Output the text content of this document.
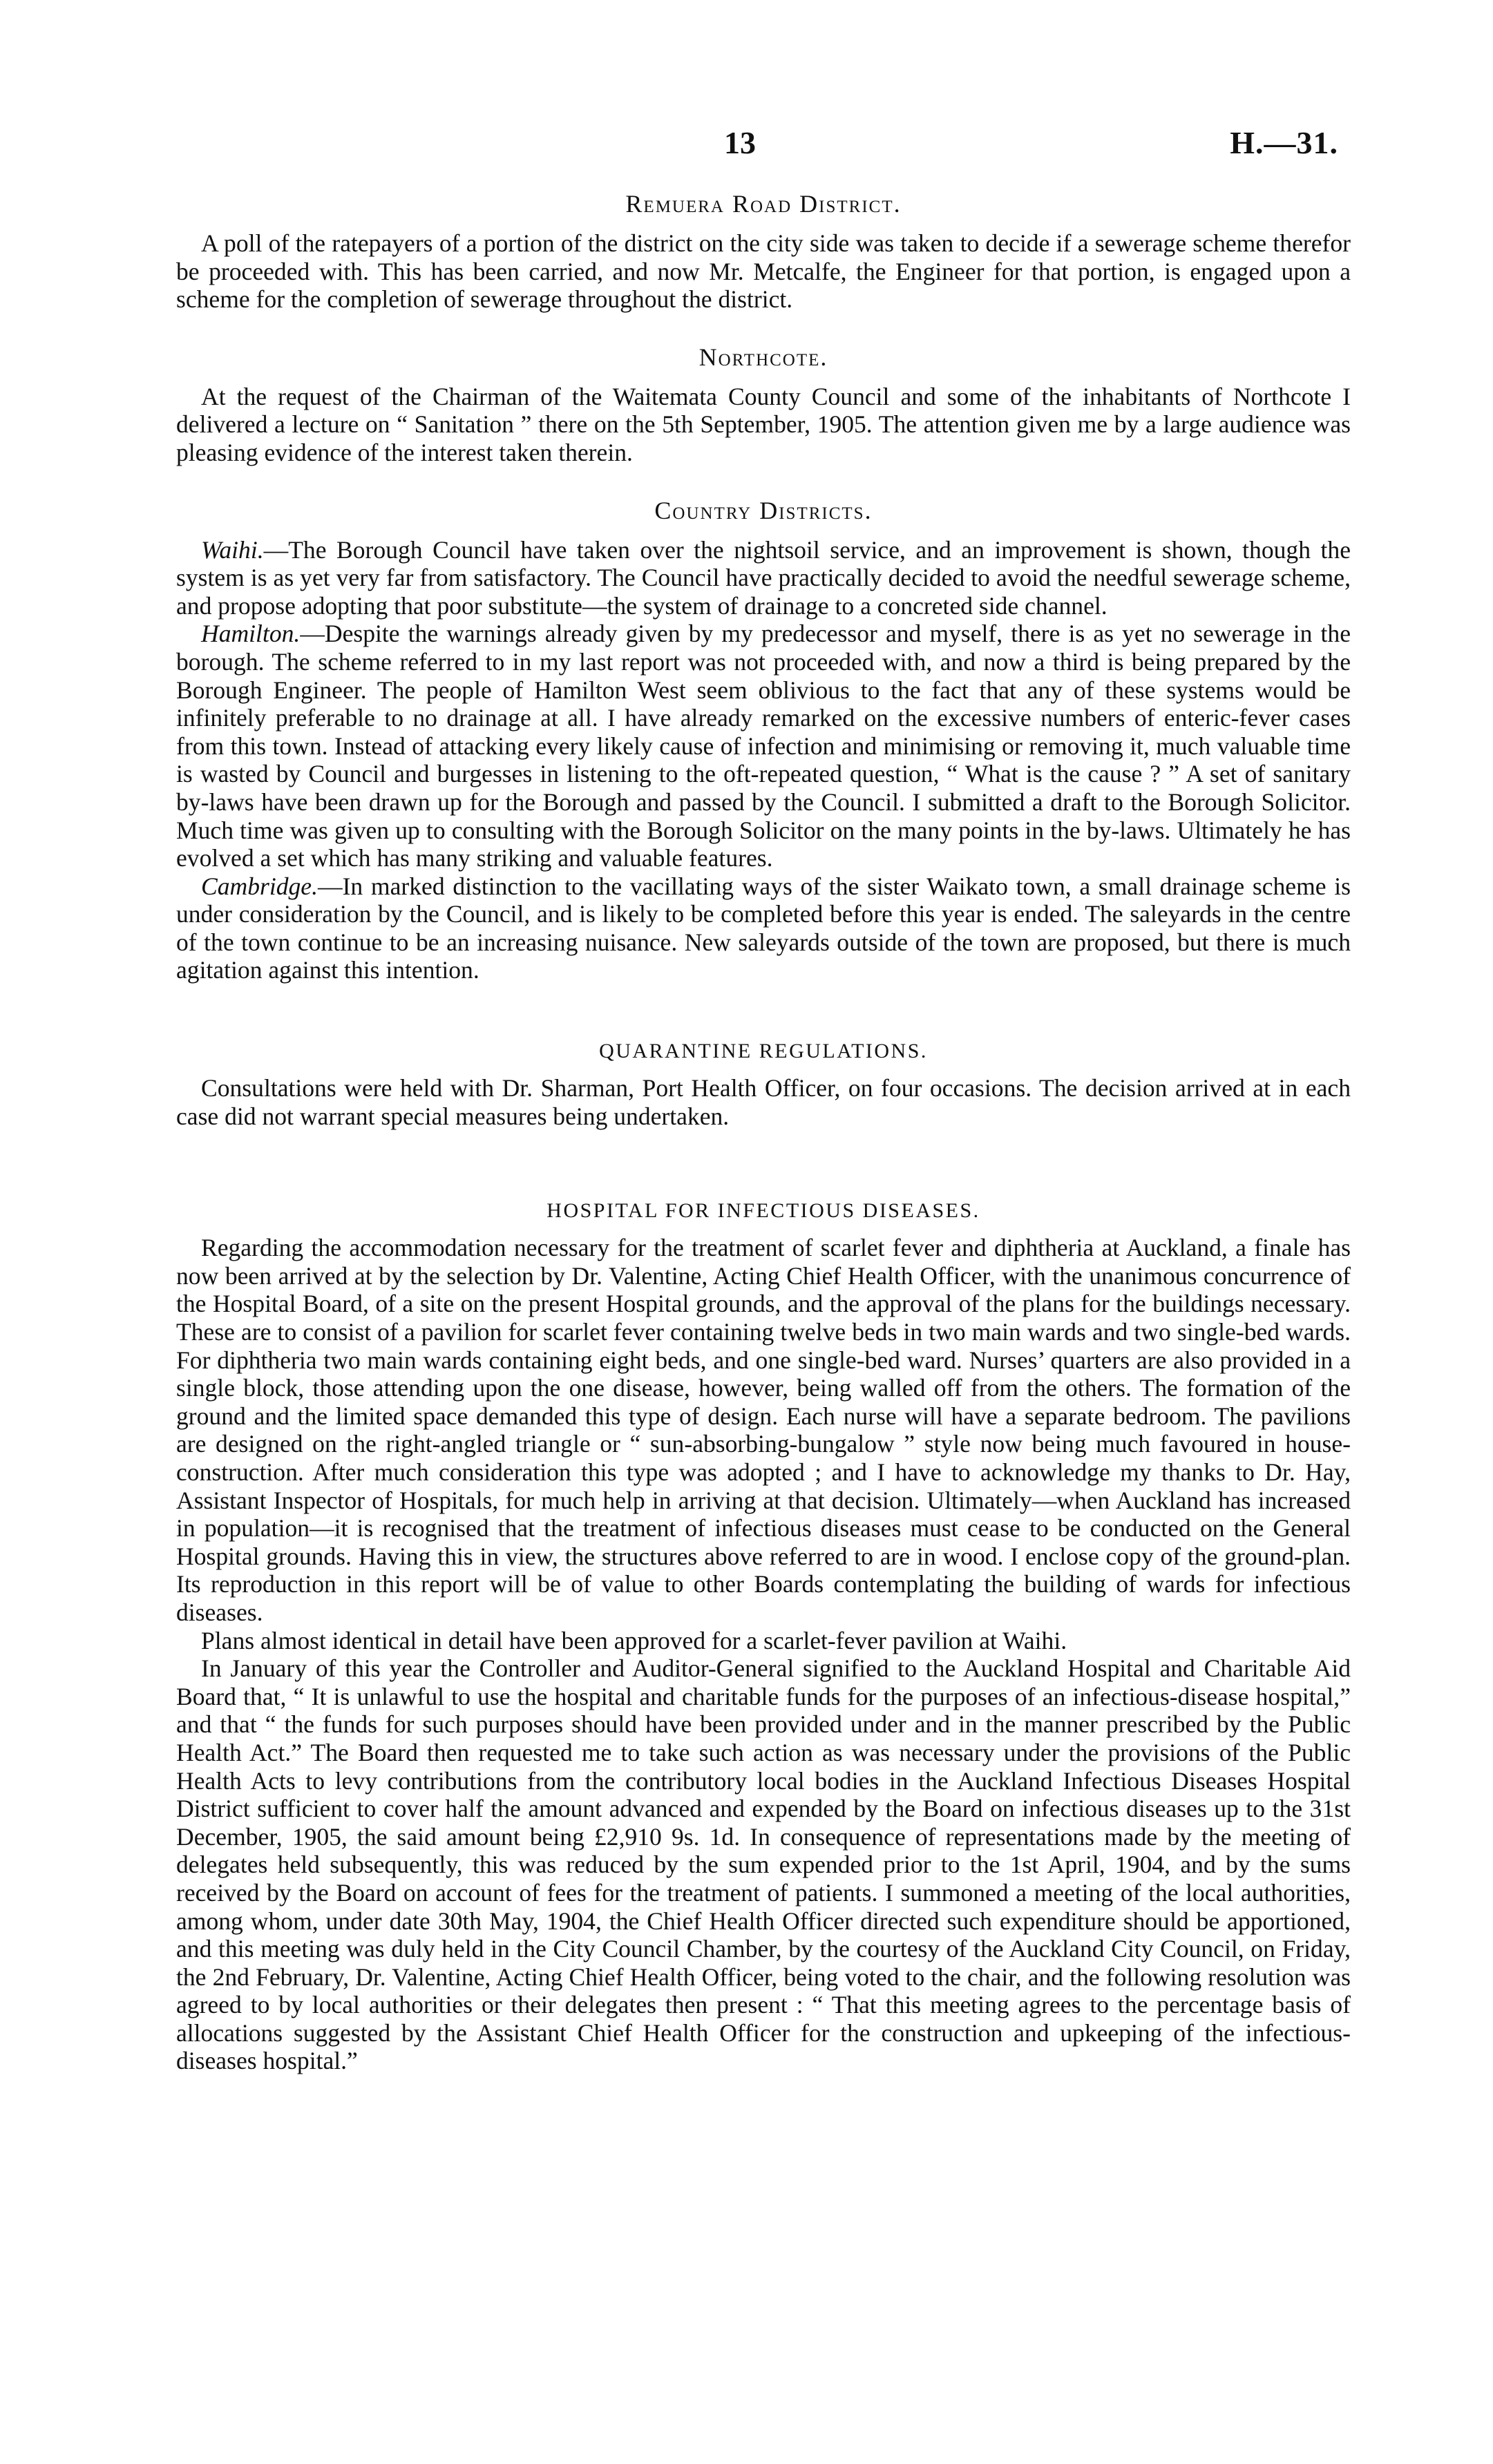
13	H.—31.
Remuera Road District.

A poll of the ratepayers of a portion of the district on the city side was taken to decide if a sewerage scheme therefor be proceeded with. This has been carried, and now Mr. Metcalfe, the Engineer for that portion, is engaged upon a scheme for the completion of sewerage throughout the district.

Northcote.

At the request of the Chairman of the Waitemata County Council and some of the inhabitants of Northcote I delivered a lecture on “ Sanitation ” there on the 5th September, 1905. The attention given me by a large audience was pleasing evidence of the interest taken therein.

Country Districts.

Waihi.—The Borough Council have taken over the nightsoil service, and an improvement is shown, though the system is as yet very far from satisfactory. The Council have practically decided to avoid the needful sewerage scheme, and propose adopting that poor substitute—the system of drainage to a concreted side channel.

Hamilton.—Despite the warnings already given by my predecessor and myself, there is as yet no sewerage in the borough. The scheme referred to in my last report was not proceeded with, and now a third is being prepared by the Borough Engineer. The people of Hamilton West seem oblivious to the fact that any of these systems would be infinitely preferable to no drainage at all. I have already remarked on the excessive numbers of enteric-fever cases from this town. Instead of attacking every likely cause of infection and minimising or removing it, much valuable time is wasted by Council and burgesses in listening to the oft-repeated question, “ What is the cause ? ” A set of sanitary by-laws have been drawn up for the Borough and passed by the Council. I submitted a draft to the Borough Solicitor. Much time was given up to consulting with the Borough Solicitor on the many points in the by-laws. Ultimately he has evolved a set which has many striking and valuable features.

Cambridge.—In marked distinction to the vacillating ways of the sister Waikato town, a small drainage scheme is under consideration by the Council, and is likely to be completed before this year is ended. The saleyards in the centre of the town continue to be an increasing nuisance. New saleyards outside of the town are proposed, but there is much agitation against this intention.

QUARANTINE REGULATIONS.

Consultations were held with Dr. Sharman, Port Health Officer, on four occasions. The decision arrived at in each case did not warrant special measures being undertaken.

HOSPITAL FOR INFECTIOUS DISEASES.

Regarding the accommodation necessary for the treatment of scarlet fever and diphtheria at Auckland, a finale has now been arrived at by the selection by Dr. Valentine, Acting Chief Health Officer, with the unanimous concurrence of the Hospital Board, of a site on the present Hospital grounds, and the approval of the plans for the buildings necessary. These are to consist of a pavilion for scarlet fever containing twelve beds in two main wards and two single-bed wards. For diphtheria two main wards containing eight beds, and one single-bed ward. Nurses’ quarters are also provided in a single block, those attending upon the one disease, however, being walled off from the others. The formation of the ground and the limited space demanded this type of design. Each nurse will have a separate bedroom. The pavilions are designed on the right-angled triangle or “ sun-absorbing-bungalow ” style now being much favoured in house-construction. After much consideration this type was adopted ; and I have to acknowledge my thanks to Dr. Hay, Assistant Inspector of Hospitals, for much help in arriving at that decision. Ultimately—when Auckland has increased in population—it is recognised that the treatment of infectious diseases must cease to be conducted on the General Hospital grounds. Having this in view, the structures above referred to are in wood. I enclose copy of the ground-plan. Its reproduction in this report will be of value to other Boards contemplating the building of wards for infectious diseases.

Plans almost identical in detail have been approved for a scarlet-fever pavilion at Waihi.

In January of this year the Controller and Auditor-General signified to the Auckland Hospital and Charitable Aid Board that, “ It is unlawful to use the hospital and charitable funds for the purposes of an infectious-disease hospital,” and that “ the funds for such purposes should have been provided under and in the manner prescribed by the Public Health Act.” The Board then requested me to take such action as was necessary under the provisions of the Public Health Acts to levy contributions from the contributory local bodies in the Auckland Infectious Diseases Hospital District sufficient to cover half the amount advanced and expended by the Board on infectious diseases up to the 31st December, 1905, the said amount being £2,910 9s. 1d. In consequence of representations made by the meeting of delegates held subsequently, this was reduced by the sum expended prior to the 1st April, 1904, and by the sums received by the Board on account of fees for the treatment of patients. I summoned a meeting of the local authorities, among whom, under date 30th May, 1904, the Chief Health Officer directed such expenditure should be apportioned, and this meeting was duly held in the City Council Chamber, by the courtesy of the Auckland City Council, on Friday, the 2nd February, Dr. Valentine, Acting Chief Health Officer, being voted to the chair, and the following resolution was agreed to by local authorities or their delegates then present : “ That this meeting agrees to the percentage basis of allocations suggested by the Assistant Chief Health Officer for the construction and upkeeping of the infectious-diseases hospital.”
